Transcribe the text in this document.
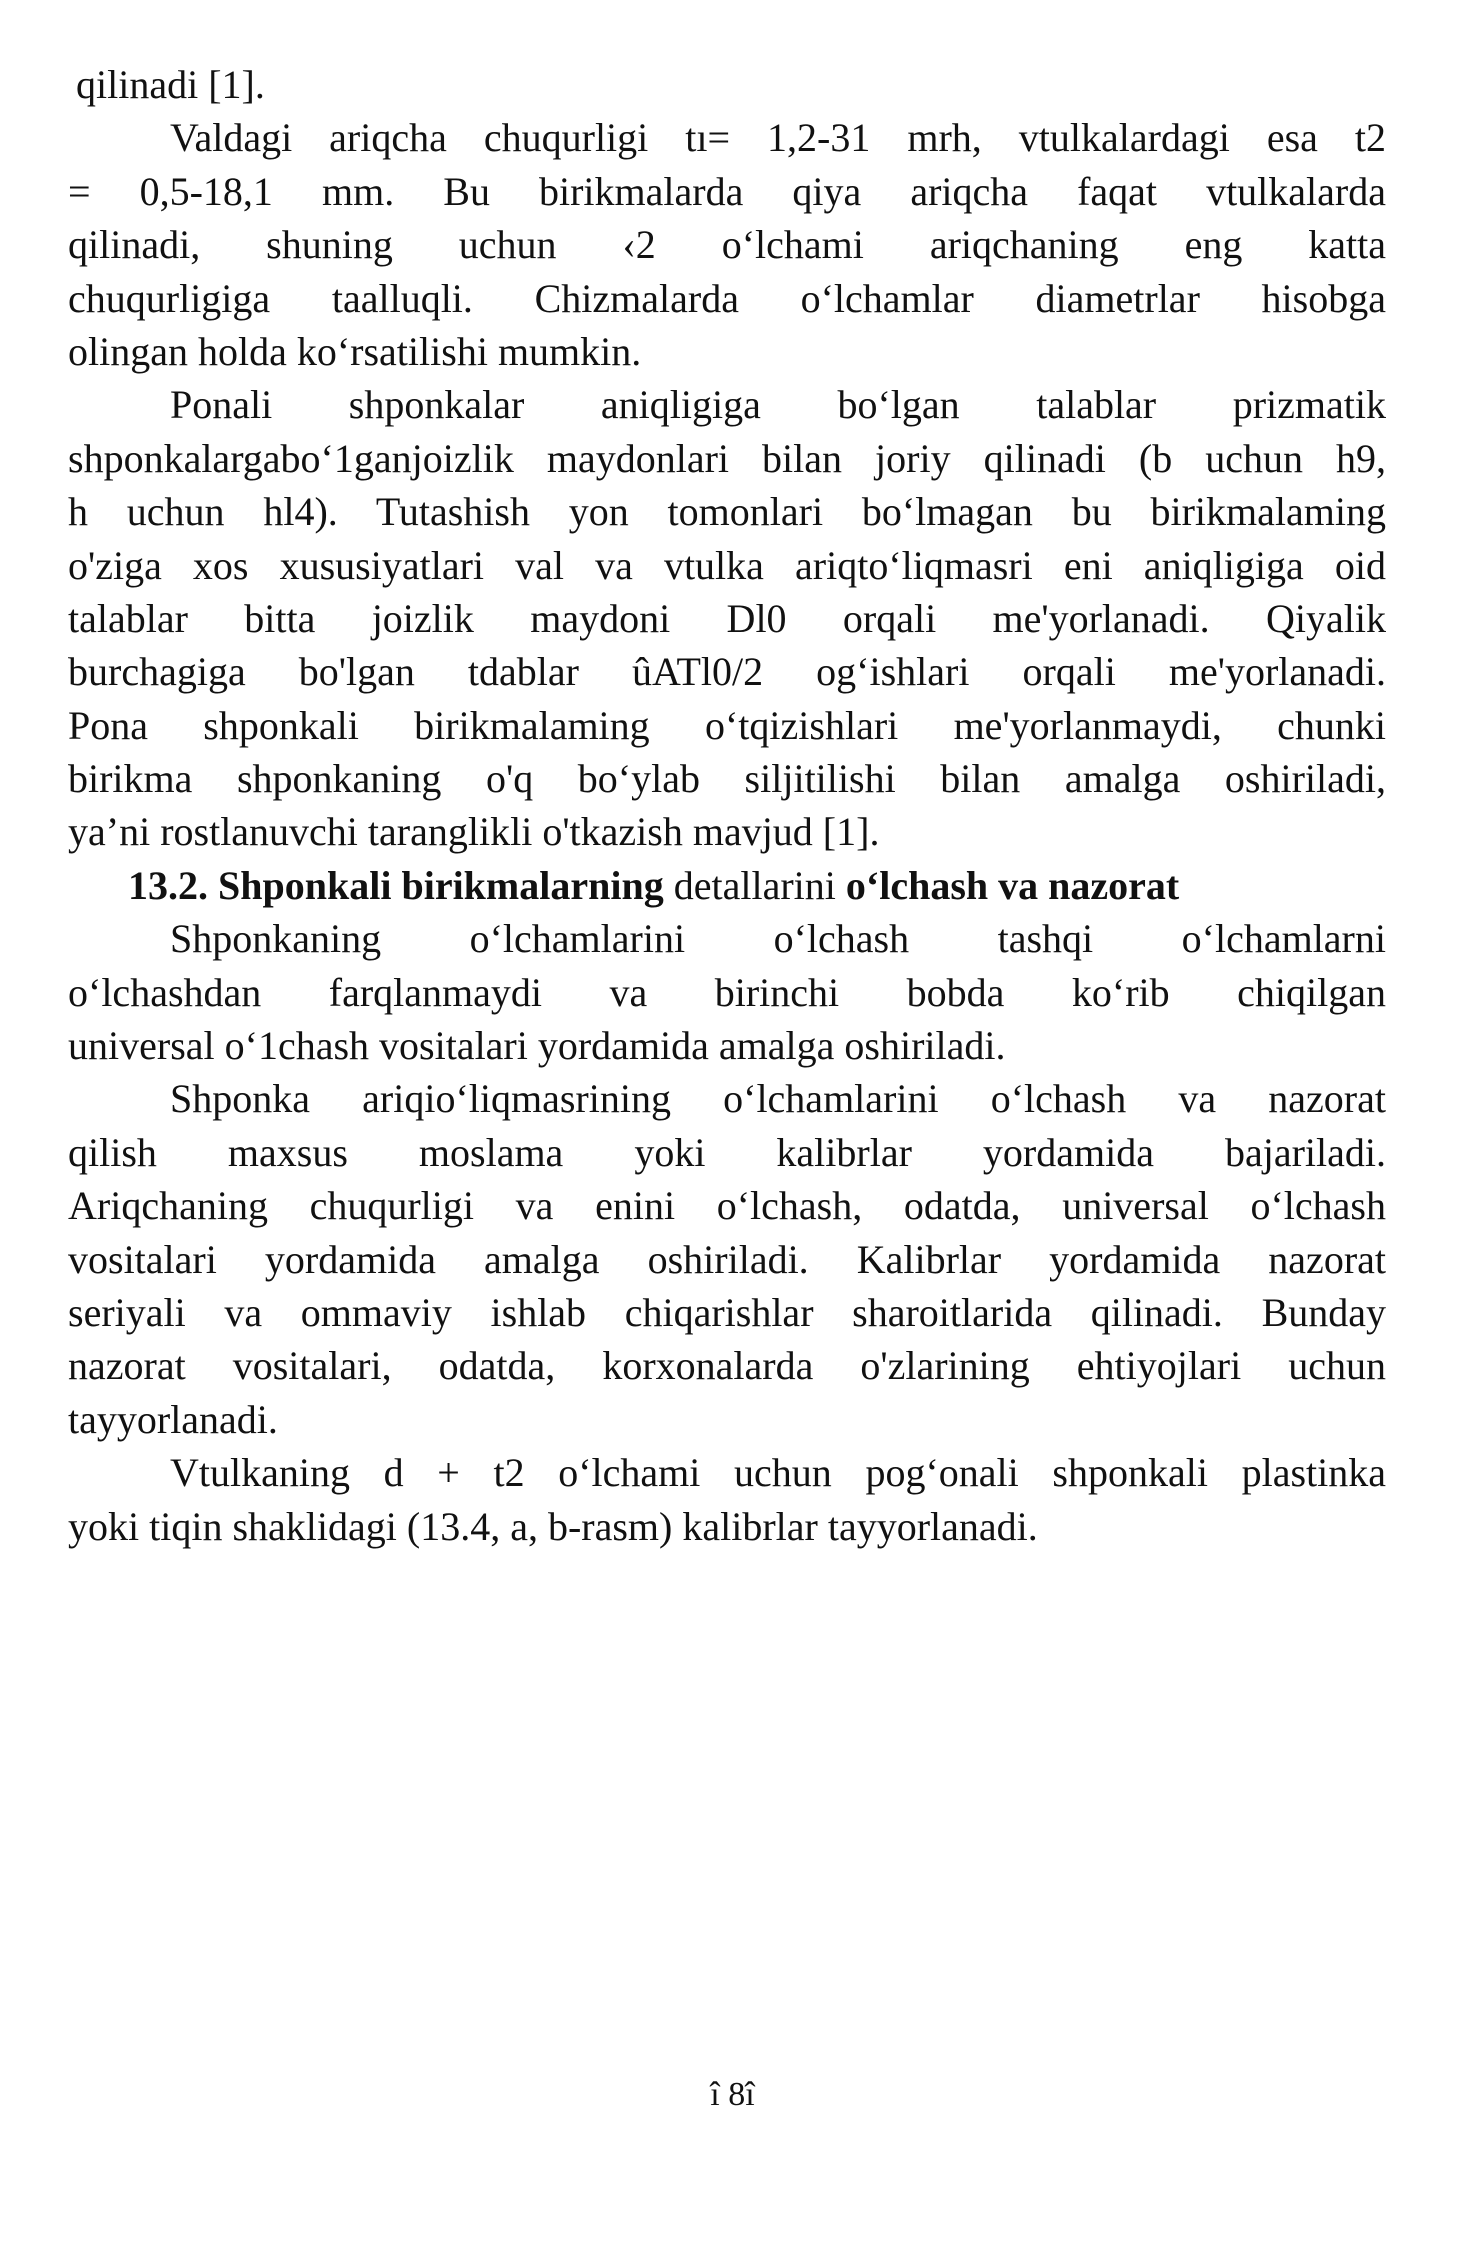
qilinadi [1].
Valdagi ariqcha chuqurligi tı= 1,2-31 mrh, vtulkalardagi esa t2
= 0,5-18,1 mm. Bu birikmalarda qiya ariqcha faqat vtulkalarda
qilinadi, shuning uchun ‹2 o‘lchami ariqchaning eng katta
chuqurligiga taalluqli. Chizmalarda o‘lchamlar diametrlar hisobga
olingan holda ko‘rsatilishi mumkin.
Ponali shponkalar aniqligiga bo‘lgan talablar prizmatik
shponkalargabo‘1ganjoizlik maydonlari bilan joriy qilinadi (b uchun h9,
h uchun hl4). Tutashish yon tomonlari bo‘lmagan bu birikmalaming
o'ziga xos xususiyatlari val va vtulka ariqto‘liqmasri eni aniqligiga oid
talablar bitta joizlik maydoni Dl0 orqali me'yorlanadi. Qiyalik
burchagiga bo'lgan tdablar ûATl0/2 og‘ishlari orqali me'yorlanadi.
Pona shponkali birikmalaming o‘tqizishlari me'yorlanmaydi, chunki
birikma shponkaning o'q bo‘ylab siljitilishi bilan amalga oshiriladi,
ya’ni rostlanuvchi taranglikli o'tkazish mavjud [1].
13.2. Shponkali birikmalarning detallarini o‘lchash va nazorat
Shponkaning o‘lchamlarini o‘lchash tashqi o‘lchamlarni
o‘lchashdan farqlanmaydi va birinchi bobda ko‘rib chiqilgan
universal o‘1chash vositalari yordamida amalga oshiriladi.
Shponka ariqio‘liqmasrining o‘lchamlarini o‘lchash va nazorat
qilish maxsus moslama yoki kalibrlar yordamida bajariladi.
Ariqchaning chuqurligi va enini o‘lchash, odatda, universal o‘lchash
vositalari yordamida amalga oshiriladi. Kalibrlar yordamida nazorat
seriyali va ommaviy ishlab chiqarishlar sharoitlarida qilinadi. Bunday
nazorat vositalari, odatda, korxonalarda o'zlarining ehtiyojlari uchun
tayyorlanadi.
Vtulkaning d + t2 o‘lchami uchun pog‘onali shponkali plastinka
yoki tiqin shaklidagi (13.4, a, b-rasm) kalibrlar tayyorlanadi.
î 8î
